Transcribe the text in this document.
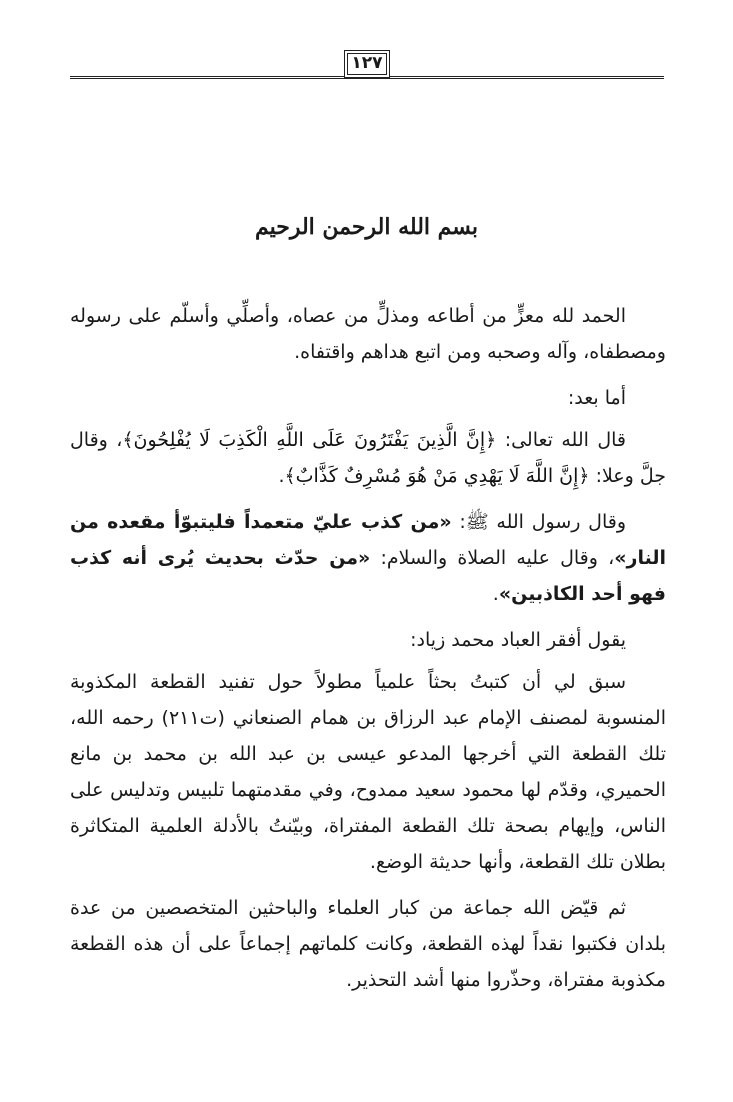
١٢٧
بسم الله الرحمن الرحيم

الحمد لله معزٍّ من أطاعه ومذلٍّ من عصاه، وأصلِّي وأسلّم على رسوله ومصطفاه، وآله وصحبه ومن اتبع هداهم واقتفاه.

أما بعد:

قال الله تعالى: ﴿إِنَّ الَّذِينَ يَفْتَرُونَ عَلَى اللَّهِ الْكَذِبَ لَا يُفْلِحُونَ﴾، وقال جلَّ وعلا: ﴿إِنَّ اللَّهَ لَا يَهْدِي مَنْ هُوَ مُسْرِفٌ كَذَّابٌ﴾.

وقال رسول الله ﷺ: «من كذب عليّ متعمداً فليتبوّأ مقعده من النار»، وقال عليه الصلاة والسلام: «من حدّث بحديث يُرى أنه كذب فهو أحد الكاذبين».

يقول أفقر العباد محمد زياد:

سبق لي أن كتبتُ بحثاً علمياً مطولاً حول تفنيد القطعة المكذوبة المنسوبة لمصنف الإمام عبد الرزاق بن همام الصنعاني (ت٢١١) رحمه الله، تلك القطعة التي أخرجها المدعو عيسى بن عبد الله بن محمد بن مانع الحميري، وقدّم لها محمود سعيد ممدوح، وفي مقدمتهما تلبيس وتدليس على الناس، وإيهام بصحة تلك القطعة المفتراة، وبيّنتُ بالأدلة العلمية المتكاثرة بطلان تلك القطعة، وأنها حديثة الوضع.

ثم قيّض الله جماعة من كبار العلماء والباحثين المتخصصين من عدة بلدان فكتبوا نقداً لهذه القطعة، وكانت كلماتهم إجماعاً على أن هذه القطعة مكذوبة مفتراة، وحذّروا منها أشد التحذير.
